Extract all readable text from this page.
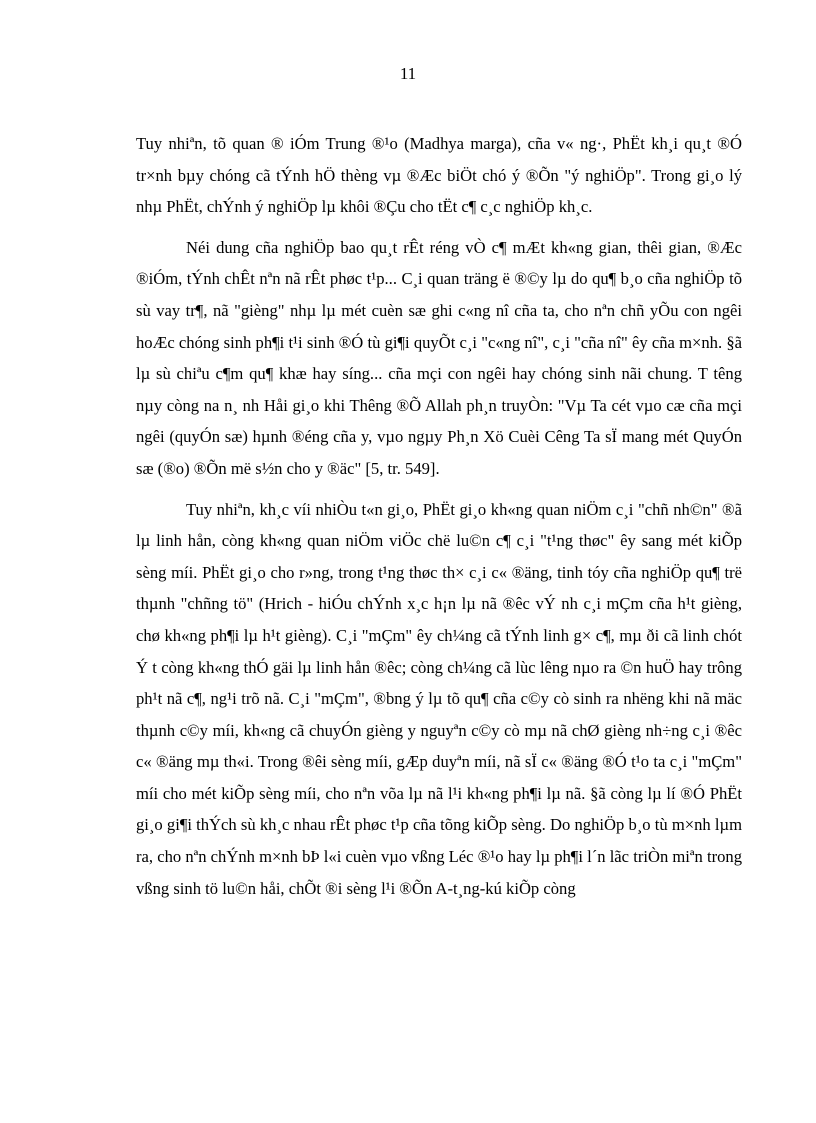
11

Tuy nhiªn, tõ quan ® iÓm Trung ®¹o (Madhya marga), cña v« ng·, PhËt kh¸i qu¸t ®Ó tr×nh bµy chóng cã tÝnh hÖ thèng vµ ®Æc biÖt chó ý ®Õn "ý nghiÖp". Trong gi¸o lý nhµ PhËt, chÝnh ý nghiÖp lµ khôi ®Çu cho tËt c¶ c¸c nghiÖp kh¸c.

Néi dung cña nghiÖp bao qu¸t rÊt réng vÒ c¶ mÆt kh«ng gian, thêi gian, ®Æc ®iÓm, tÝnh chÊt nªn nã rÊt phøc t¹p... C¸i quan träng ë ®©y lµ do qu¶ b¸o cña nghiÖp tõ sù vay tr¶, nã "gièng" nhµ lµ mét cuèn sæ ghi c«ng nî cña ta, cho nªn chñ yÕu con ngêi hoÆc chóng sinh ph¶i t¹i sinh ®Ó tù gi¶i quyÕt c¸i "c«ng nî", c¸i "cña nî" êy cña m×nh. §ã lµ sù chiªu c¶m qu¶ khæ hay síng... cña mçi con ngêi hay chóng sinh nãi chung. T têng nµy còng na n¸ nh Håi gi¸o khi Thêng ®Õ Allah ph¸n truyÒn: "Vµ Ta cét vµo cæ cña mçi ngêi (quyÓn sæ) hµnh ®éng cña y, vµo ngµy Ph¸n Xö Cuèi Cêng Ta sÏ mang mét QuyÓn sæ (®o) ®Õn më s½n cho y ®äc" [5, tr. 549].

Tuy nhiªn, kh¸c víi nhiÒu t«n gi¸o, PhËt gi¸o kh«ng quan niÖm c¸i "chñ nh©n" ®ã lµ linh hån, còng kh«ng quan niÖm viÖc chë lu©n c¶ c¸i "t¹ng thøc" êy sang mét kiÕp sèng míi. PhËt gi¸o cho r»ng, trong t¹ng thøc th× c¸i c« ®äng, tinh tóy cña nghiÖp qu¶ trë thµnh "chñng tö" (Hrich - hiÓu chÝnh x¸c h¡n lµ nã ®êc vÝ nh c¸i mÇm cña h¹t gièng, chø kh«ng ph¶i lµ h¹t gièng). C¸i "mÇm" êy ch¼ng cã tÝnh linh g× c¶, mµ ði cã linh chót Ý t còng kh«ng thÓ gäi lµ linh hån ®êc; còng ch¼ng cã lùc lêng nµo ra ©n huÖ hay trông ph¹t nã c¶, ng¹i trõ nã. C¸i "mÇm", ®bng ý lµ tõ qu¶ cña c©y cò sinh ra nhëng khi nã mäc thµnh c©y míi, kh«ng cã chuyÓn gièng y nguyªn c©y cò mµ nã chØ gièng nh÷ng c¸i ®êc c« ®äng mµ th«i. Trong ®êi sèng míi, gÆp duyªn míi, nã sÏ c« ®äng ®Ó t¹o ta c¸i "mÇm" míi cho mét kiÕp sèng míi, cho nªn võa lµ nã l¹i kh«ng ph¶i lµ nã. §ã còng lµ lí ®Ó PhËt gi¸o gi¶i thÝch sù kh¸c nhau rÊt phøc t¹p cña tõng kiÕp sèng. Do nghiÖp b¸o tù m×nh lµm ra, cho nªn chÝnh m×nh bÞ l«i cuèn vµo vßng Léc ®¹o hay lµ ph¶i l´n lãc triÒn miªn trong vßng sinh tö lu©n håi, chÕt ®i sèng l¹i ®Õn A-t¸ng-kú kiÕp còng
